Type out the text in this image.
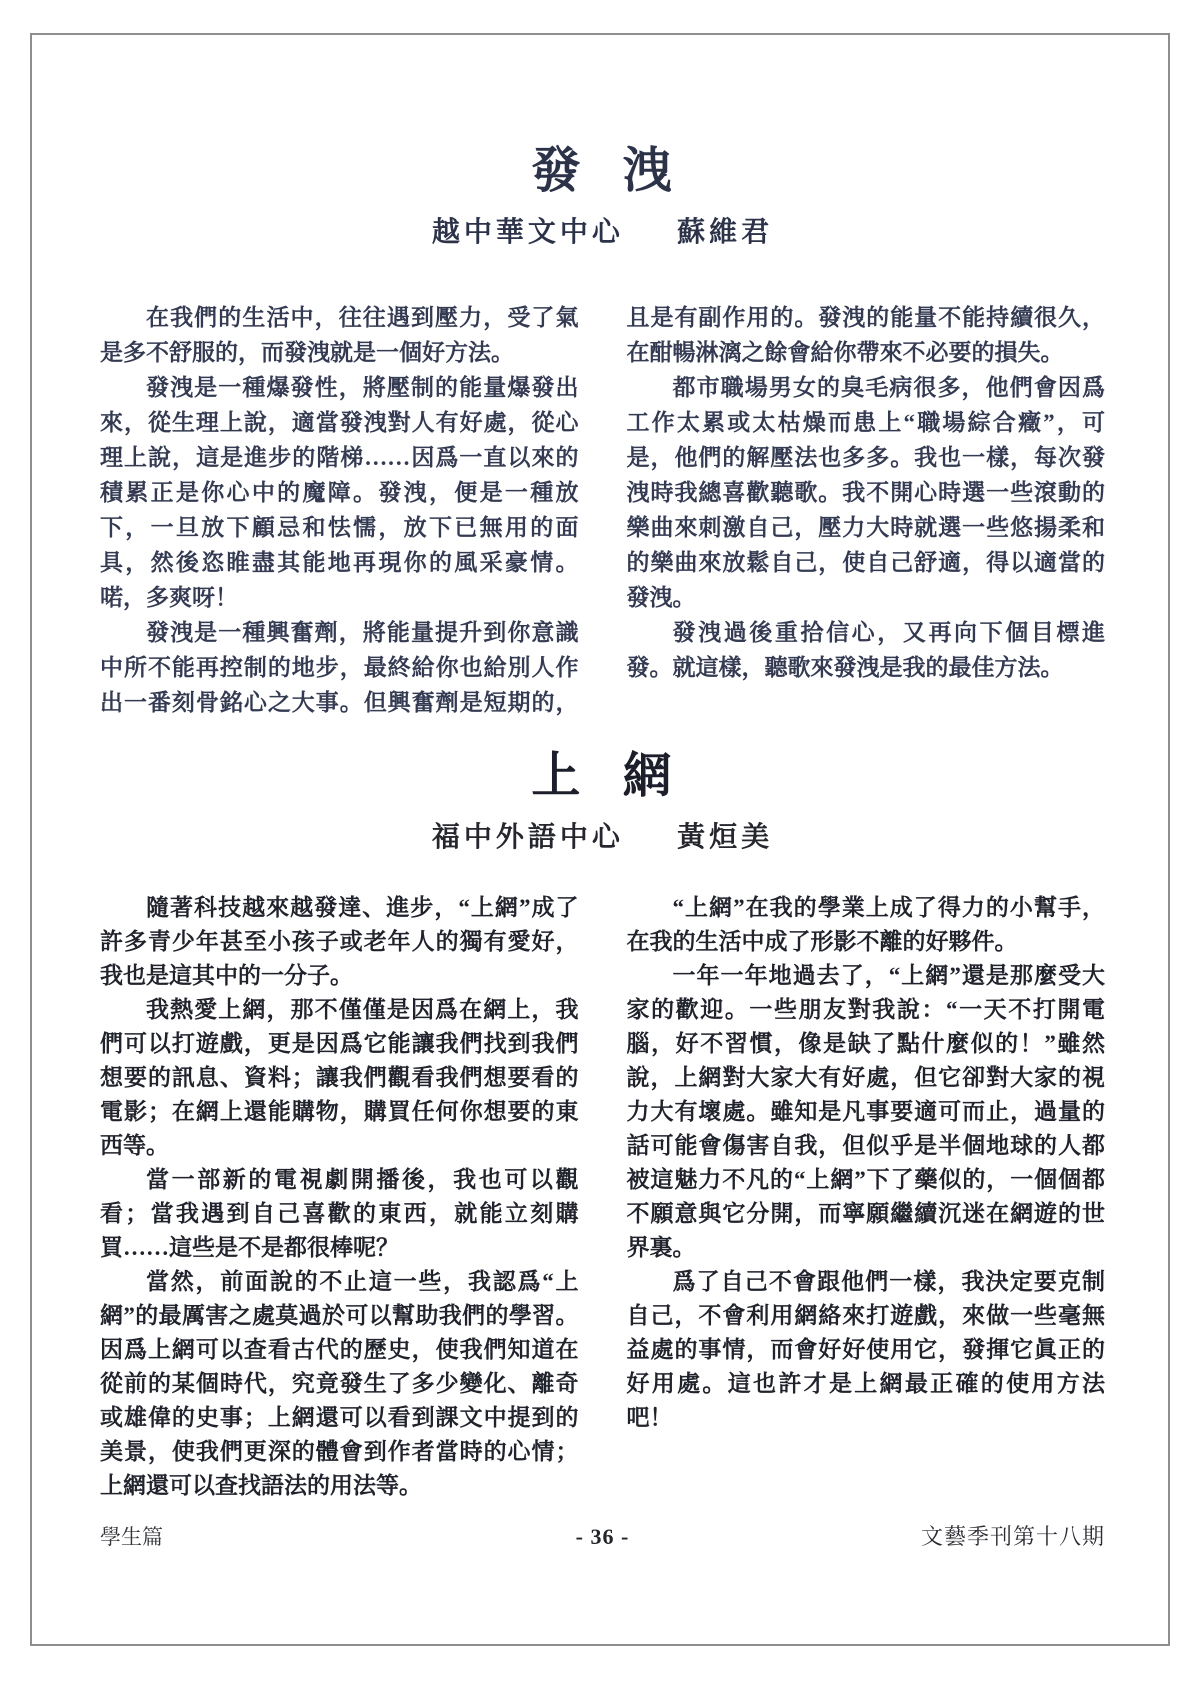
發 洩
越中華文中心 蘇維君

在我們的生活中，往往遇到壓力，受了氣是多不舒服的，而發洩就是一個好方法。

發洩是一種爆發性，將壓制的能量爆發出來，從生理上說，適當發洩對人有好處，從心理上說，這是進步的階梯……因爲一直以來的積累正是你心中的魔障。發洩，便是一種放下，一旦放下顧忌和怯懦，放下已無用的面具，然後恣睢盡其能地再現你的風采豪情。喏，多爽呀！

發洩是一種興奮劑，將能量提升到你意識中所不能再控制的地步，最終給你也給別人作出一番刻骨銘心之大事。但興奮劑是短期的，且是有副作用的。發洩的能量不能持續很久，在酣暢淋漓之餘會給你帶來不必要的損失。

都市職場男女的臭毛病很多，他們會因爲工作太累或太枯燥而患上“職場綜合癥”，可是，他們的解壓法也多多。我也一樣，每次發洩時我總喜歡聽歌。我不開心時選一些滾動的樂曲來刺激自己，壓力大時就選一些悠揚柔和的樂曲來放鬆自己，使自己舒適，得以適當的發洩。

發洩過後重拾信心，又再向下個目標進發。就這樣，聽歌來發洩是我的最佳方法。

上 網
福中外語中心 黃烜美

隨著科技越來越發達、進步，“上網”成了許多青少年甚至小孩子或老年人的獨有愛好，我也是這其中的一分子。

我熱愛上網，那不僅僅是因爲在網上，我們可以打遊戲，更是因爲它能讓我們找到我們想要的訊息、資料；讓我們觀看我們想要看的電影；在網上還能購物，購買任何你想要的東西等。

當一部新的電視劇開播後，我也可以觀看；當我遇到自己喜歡的東西，就能立刻購買……這些是不是都很棒呢？

當然，前面說的不止這一些，我認爲“上網”的最厲害之處莫過於可以幫助我們的學習。因爲上網可以查看古代的歷史，使我們知道在從前的某個時代，究竟發生了多少變化、離奇或雄偉的史事；上網還可以看到課文中提到的美景，使我們更深的體會到作者當時的心情；上網還可以查找語法的用法等。

“上網”在我的學業上成了得力的小幫手，在我的生活中成了形影不離的好夥件。

一年一年地過去了，“上網”還是那麼受大家的歡迎。一些朋友對我說：“一天不打開電腦，好不習慣，像是缺了點什麼似的！”雖然說，上網對大家大有好處，但它卻對大家的視力大有壞處。雖知是凡事要適可而止，過量的話可能會傷害自我，但似乎是半個地球的人都被這魅力不凡的“上網”下了藥似的，一個個都不願意與它分開，而寧願繼續沉迷在網遊的世界裏。

爲了自己不會跟他們一樣，我決定要克制自己，不會利用網絡來打遊戲，來做一些毫無益處的事情，而會好好使用它，發揮它眞正的好用處。這也許才是上網最正確的使用方法吧！

學生篇	- 36 -	文藝季刊第十八期
